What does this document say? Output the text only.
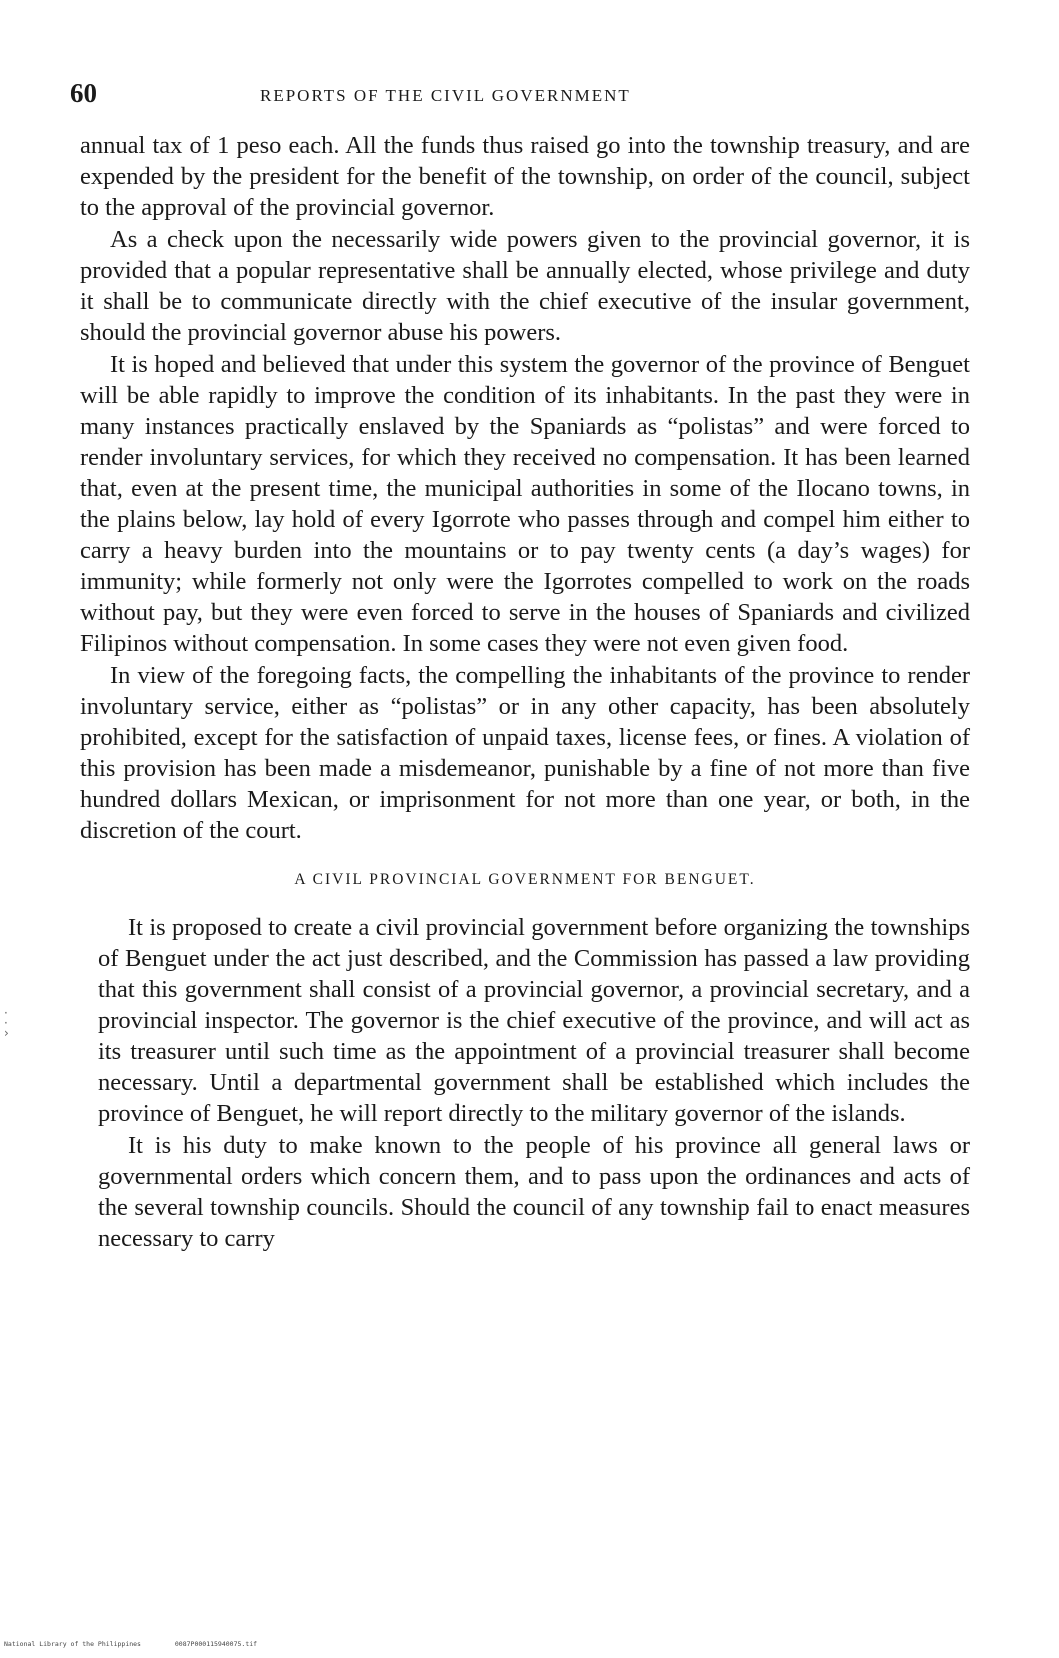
60	REPORTS OF THE CIVIL GOVERNMENT

annual tax of 1 peso each. All the funds thus raised go into the township treasury, and are expended by the president for the benefit of the township, on order of the council, subject to the approval of the provincial governor.

As a check upon the necessarily wide powers given to the provincial governor, it is provided that a popular representative shall be annually elected, whose privilege and duty it shall be to communicate directly with the chief executive of the insular government, should the provincial governor abuse his powers.

It is hoped and believed that under this system the governor of the province of Benguet will be able rapidly to improve the condition of its inhabitants. In the past they were in many instances practically enslaved by the Spaniards as “polistas” and were forced to render involuntary services, for which they received no compensation. It has been learned that, even at the present time, the municipal authorities in some of the Ilocano towns, in the plains below, lay hold of every Igorrote who passes through and compel him either to carry a heavy burden into the mountains or to pay twenty cents (a day’s wages) for immunity; while formerly not only were the Igorrotes compelled to work on the roads without pay, but they were even forced to serve in the houses of Spaniards and civilized Filipinos without compensation. In some cases they were not even given food.

In view of the foregoing facts, the compelling the inhabitants of the province to render involuntary service, either as “polistas” or in any other capacity, has been absolutely prohibited, except for the satisfaction of unpaid taxes, license fees, or fines. A violation of this provision has been made a misdemeanor, punishable by a fine of not more than five hundred dollars Mexican, or imprisonment for not more than one year, or both, in the discretion of the court.

A CIVIL PROVINCIAL GOVERNMENT FOR BENGUET.

It is proposed to create a civil provincial government before organizing the townships of Benguet under the act just described, and the Commission has passed a law providing that this government shall consist of a provincial governor, a provincial secretary, and a provincial inspector. The governor is the chief executive of the province, and will act as its treasurer until such time as the appointment of a provincial treasurer shall become necessary. Until a departmental government shall be established which includes the province of Benguet, he will report directly to the military governor of the islands.

It is his duty to make known to the people of his province all general laws or governmental orders which concern them, and to pass upon the ordinances and acts of the several township councils. Should the council of any township fail to enact measures necessary to carry

·
·
›
National Library of the Philippines	0087P000115940075.tif
